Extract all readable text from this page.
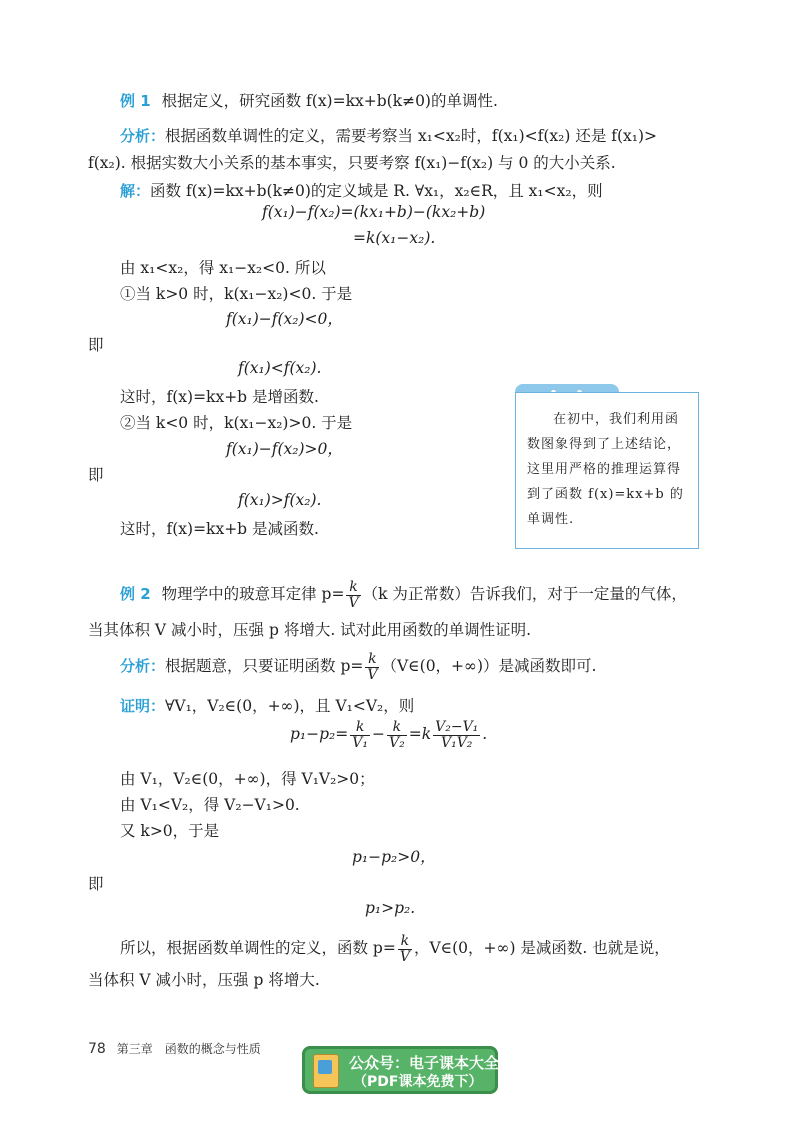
例 1 根据定义，研究函数 f(x)=kx+b(k≠0)的单调性.
分析：根据函数单调性的定义，需要考察当 x₁<x₂时，f(x₁)<f(x₂) 还是 f(x₁)>
f(x₂). 根据实数大小关系的基本事实，只要考察 f(x₁)−f(x₂) 与 0 的大小关系.
解：函数 f(x)=kx+b(k≠0)的定义域是 R. ∀x₁，x₂∈R，且 x₁<x₂，则
f(x₁)−f(x₂)=(kx₁+b)−(kx₂+b)
=k(x₁−x₂).
由 x₁<x₂，得 x₁−x₂<0. 所以
①当 k>0 时，k(x₁−x₂)<0. 于是
f(x₁)−f(x₂)<0，
即
f(x₁)<f(x₂).
这时，f(x)=kx+b 是增函数.
②当 k<0 时，k(x₁−x₂)>0. 于是
f(x₁)−f(x₂)>0，
即
f(x₁)>f(x₂).
这时，f(x)=kx+b 是减函数.
在初中，我们利用函数图象得到了上述结论，这里用严格的推理运算得到了函数 f(x)=kx+b 的单调性.
例 2 物理学中的玻意耳定律 $p= \frac{k}{V} (k$ 为正常数）告诉我们，对于一定量的气体，
当其体积 V 减小时，压强 p 将增大. 试对此用函数的单调性证明.
分析：根据题意，只要证明函数 $p= \frac{k}{V}$ （V∈(0，+∞)）是减函数即可.
证明：∀V₁，V₂∈(0，+∞)，且 V₁<V₂，则
$p_1-p_2= \frac{k}{\text{V₁}} - \frac{k}{\text{V₂}} =k \frac{\text{V₂−V₁}}{\text{V₁V₂}}$ .
由 V₁，V₂∈(0，+∞)，得 V₁V₂>0；
由 V₁<V₂，得 V₂−V₁>0.
又 k>0，于是
p₁−p₂>0，
即
p₁>p₂.
所以，根据函数单调性的定义，函数 $p= \frac{k}{V}$ ，V∈(0，+∞) 是减函数. 也就是说，
当体积 V 减小时，压强 p 将增大.
78 第三章　函数的概念与性质
公众号：电子课本大全
（PDF课本免费下）
